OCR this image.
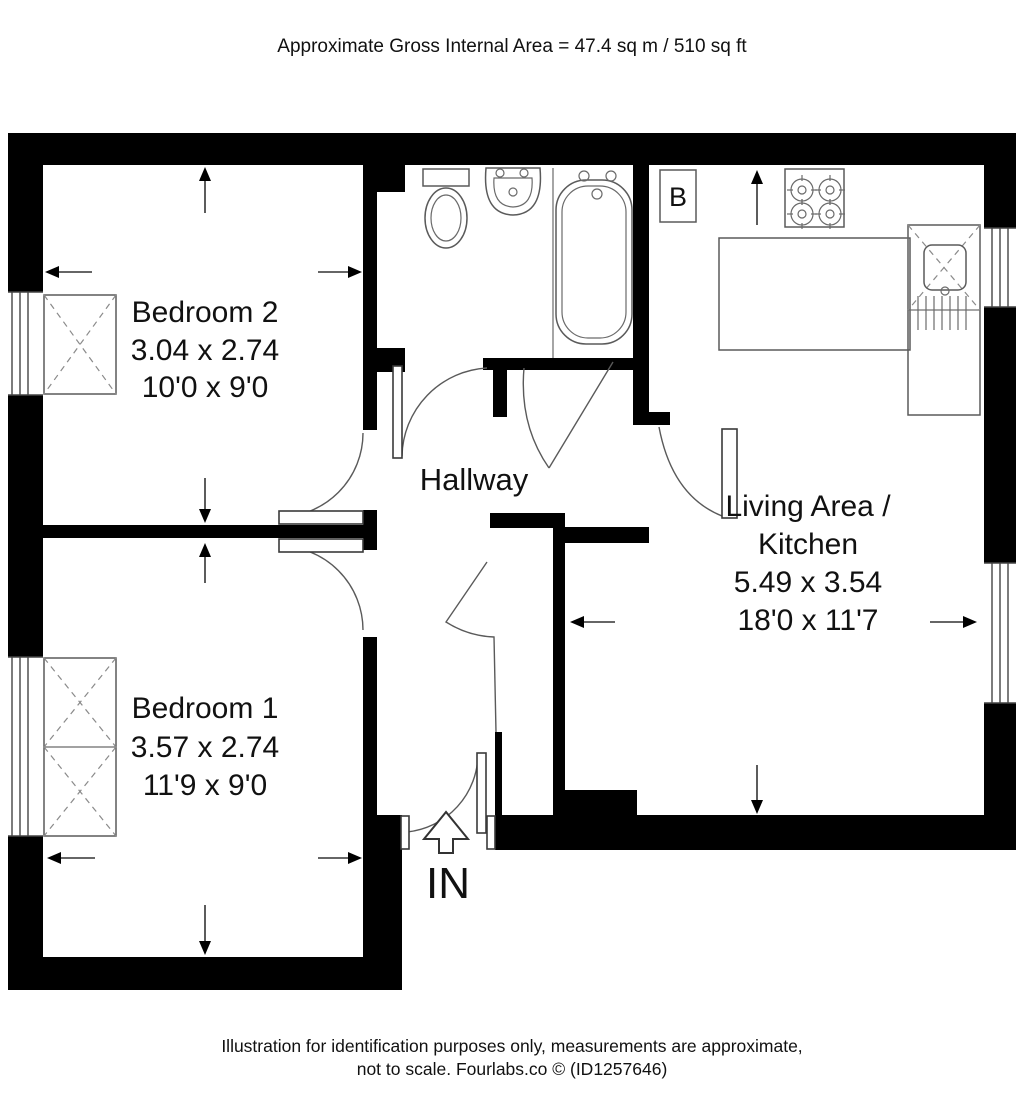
Approximate Gross Internal Area = 47.4 sq m / 510 sq ft
B
Bedroom 2
3.04 x 2.74
10'0 x 9'0
Bedroom 1
3.57 x 2.74
11'9 x 9'0
Hallway
Living Area /
Kitchen
5.49 x 3.54
18'0 x 11'7
IN
Illustration for identification purposes only, measurements are approximate,
not to scale. Fourlabs.co © (ID1257646)
